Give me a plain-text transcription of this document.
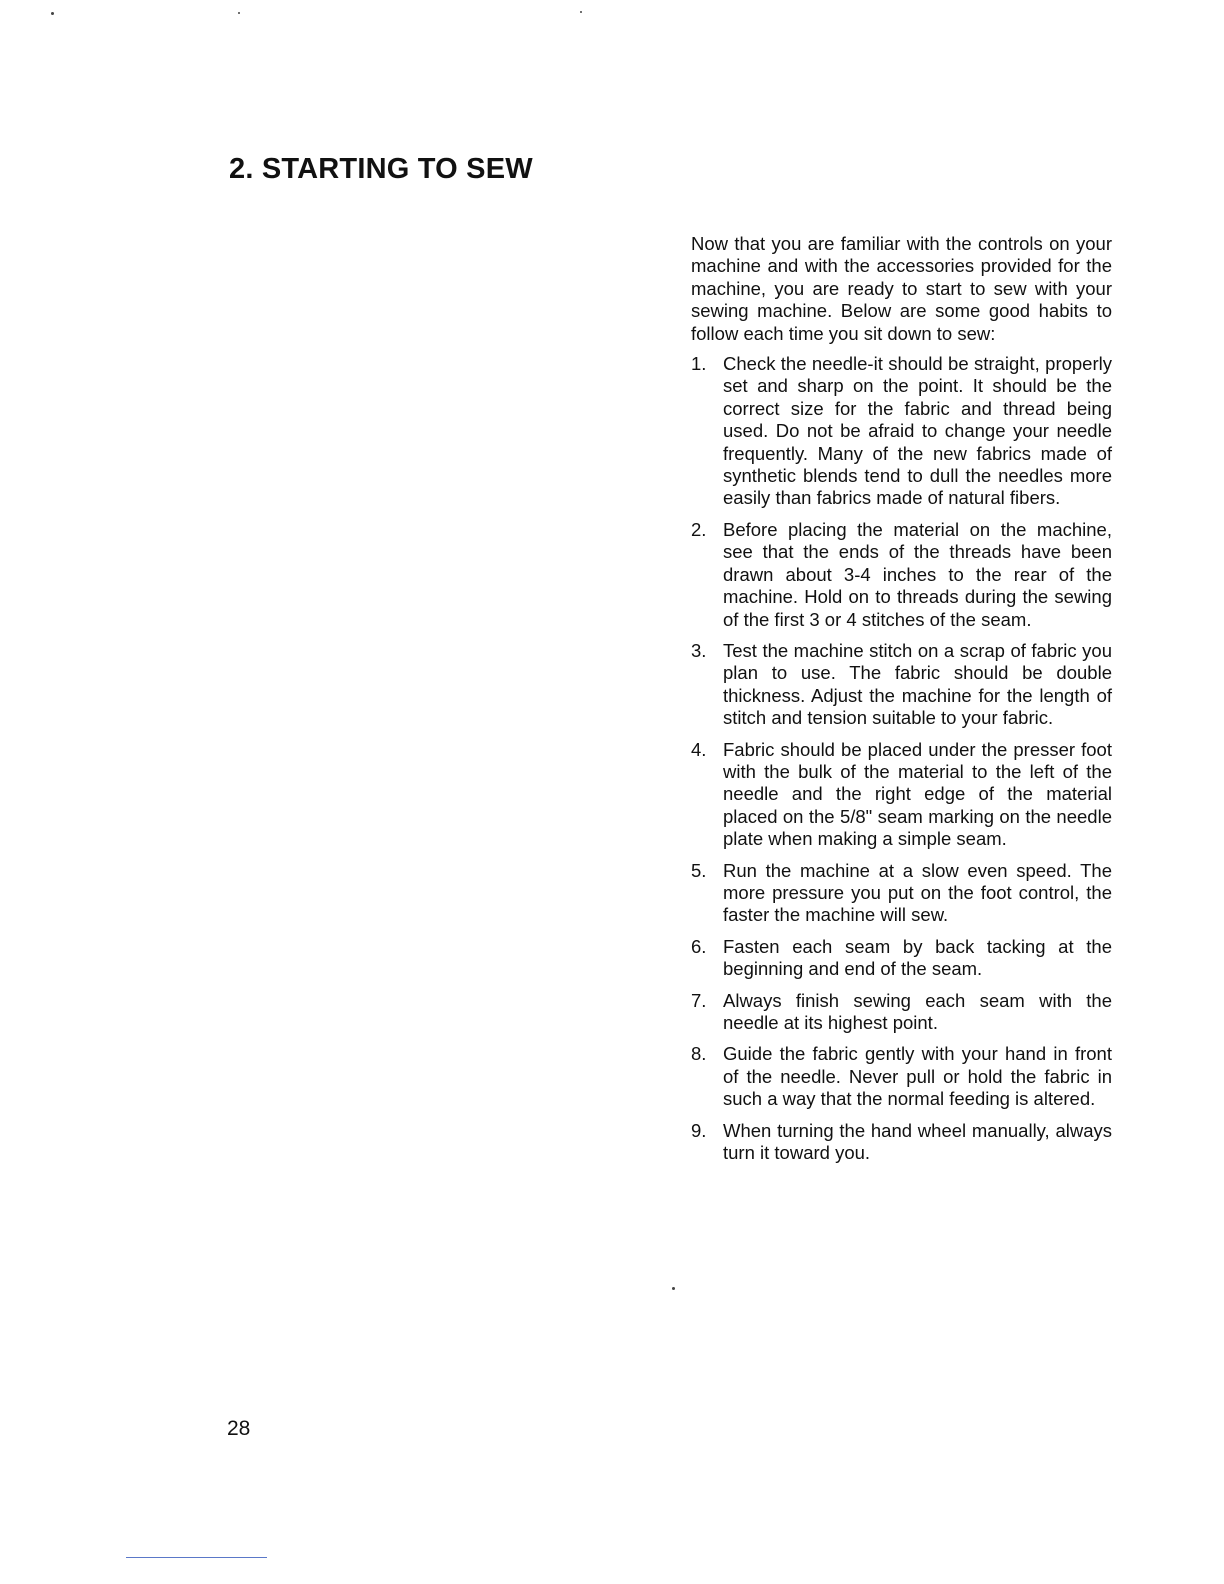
2. STARTING TO SEW

Now that you are familiar with the controls on your machine and with the accessories provided for the machine, you are ready to start to sew with your sewing machine. Below are some good habits to follow each time you sit down to sew:

1. Check the needle-it should be straight, properly set and sharp on the point. It should be the correct size for the fabric and thread being used. Do not be afraid to change your needle frequently. Many of the new fabrics made of synthetic blends tend to dull the needles more easily than fabrics made of natural fibers.
2. Before placing the material on the machine, see that the ends of the threads have been drawn about 3-4 inches to the rear of the machine. Hold on to threads during the sewing of the first 3 or 4 stitches of the seam.
3. Test the machine stitch on a scrap of fabric you plan to use. The fabric should be double thickness. Adjust the machine for the length of stitch and tension suitable to your fabric.
4. Fabric should be placed under the presser foot with the bulk of the material to the left of the needle and the right edge of the material placed on the 5/8" seam marking on the needle plate when making a simple seam.
5. Run the machine at a slow even speed. The more pressure you put on the foot control, the faster the machine will sew.
6. Fasten each seam by back tacking at the beginning and end of the seam.
7. Always finish sewing each seam with the needle at its highest point.
8. Guide the fabric gently with your hand in front of the needle. Never pull or hold the fabric in such a way that the normal feeding is altered.
9. When turning the hand wheel manually, always turn it toward you.
28
